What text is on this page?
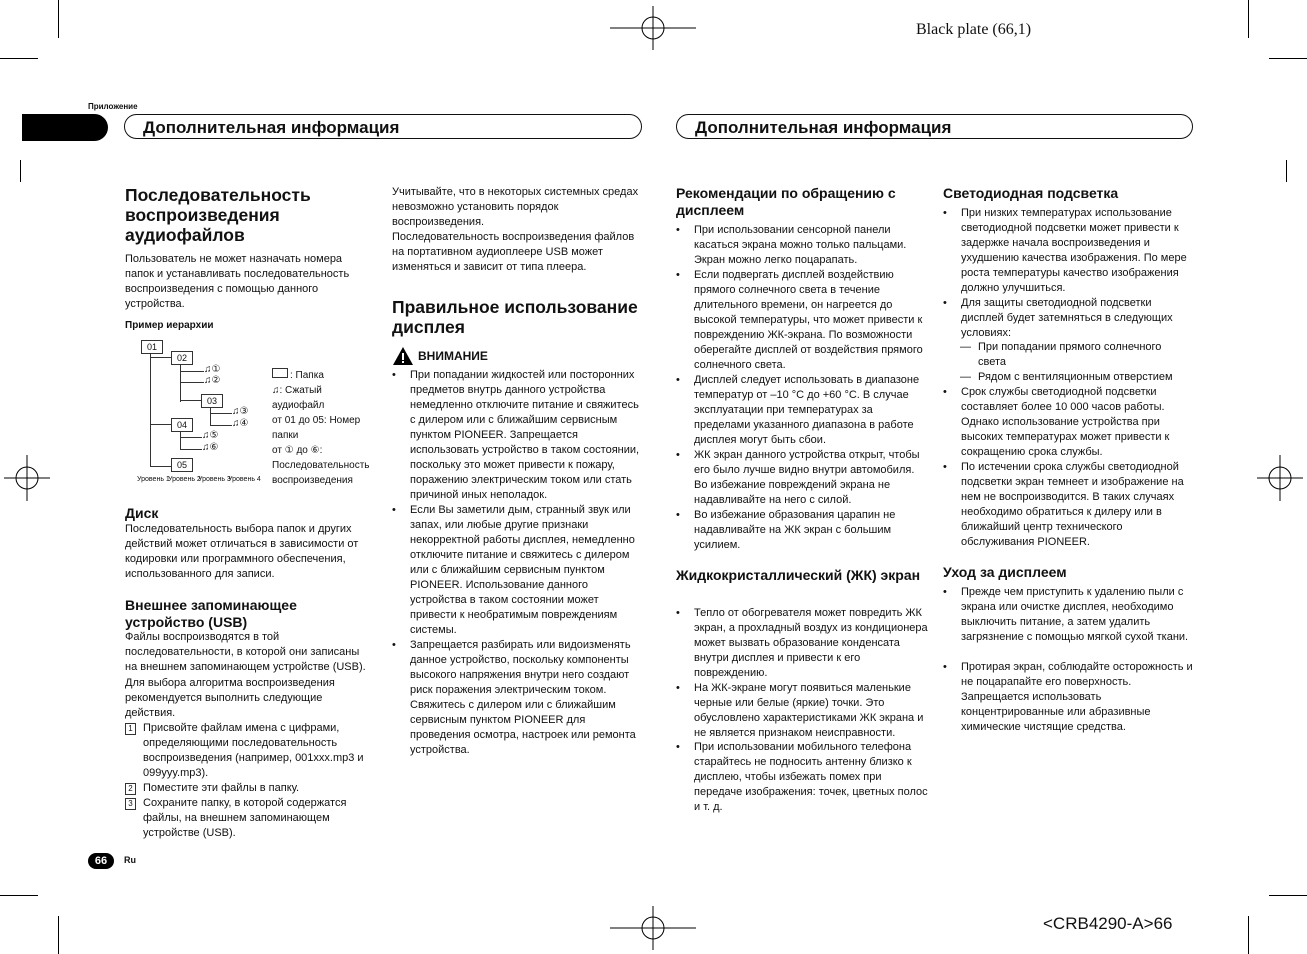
Black plate (66,1)
<CRB4290-A>66
Приложение
Дополнительная информация	Дополнительная информация
Последовательность воспроизведения аудиофайлов

Пользователь не может назначать номера папок и устанавливать последовательность воспроизведения с помощью данного устройства.

Пример иерархии
01
02
03
04
05
♫①
♫②
♫③
♫④
♫⑤
♫⑥
Уровень 1
Уровень 2
Уровень 3
Уровень 4
: Папка
♫: Сжатый аудиофайл
от 01 до 05: Номер папки
от ① до ⑥: Последовательность воспроизведения
Диск

Последовательность выбора папок и других действий может отличаться в зависимости от кодировки или программного обеспечения, использованного для записи.

Внешнее запоминающее устройство (USB)

Файлы воспроизводятся в той последовательности, в которой они записаны на внешнем запоминающем устройстве (USB).

Для выбора алгоритма воспроизведения рекомендуется выполнить следующие действия.

1 Присвойте файлам имена с цифрами, определяющими последовательность воспроизведения (например, 001xxx.mp3 и 099yyy.mp3).
2 Поместите эти файлы в папку.
3 Сохраните папку, в которой содержатся файлы, на внешнем запоминающем устройстве (USB).

Учитывайте, что в некоторых системных средах невозможно установить порядок воспроизведения.

Последовательность воспроизведения файлов на портативном аудиоплеере USB может изменяться и зависит от типа плеера.

Правильное использование дисплея
ВНИМАНИЕ
•	При попадании жидкостей или посторонних предметов внутрь данного устройства немедленно отключите питание и свяжитесь с дилером или с ближайшим сервисным пунктом PIONEER. Запрещается использовать устройство в таком состоянии, поскольку это может привести к пожару, поражению электрическим током или стать причиной иных неполадок.
•	Если Вы заметили дым, странный звук или запах, или любые другие признаки некорректной работы дисплея, немедленно отключите питание и свяжитесь с дилером или с ближайшим сервисным пунктом PIONEER. Использование данного устройства в таком состоянии может привести к необратимым повреждениям системы.
•	Запрещается разбирать или видоизменять данное устройство, поскольку компоненты высокого напряжения внутри него создают риск поражения электрическим током. Свяжитесь с дилером или с ближайшим сервисным пунктом PIONEER для проведения осмотра, настроек или ремонта устройства.
Рекомендации по обращению с дисплеем
•	При использовании сенсорной панели касаться экрана можно только пальцами. Экран можно легко поцарапать.
•	Если подвергать дисплей воздействию прямого солнечного света в течение длительного времени, он нагреется до высокой температуры, что может привести к повреждению ЖК-экрана. По возможности оберегайте дисплей от воздействия прямого солнечного света.
•	Дисплей следует использовать в диапазоне температур от –10 °C до +60 °C. В случае эксплуатации при температурах за пределами указанного диапазона в работе дисплея могут быть сбои.
•	ЖК экран данного устройства открыт, чтобы его было лучше видно внутри автомобиля. Во избежание повреждений экрана не надавливайте на него с силой.
•	Во избежание образования царапин не надавливайте на ЖК экран с большим усилием.
Жидкокристаллический (ЖК) экран
•	Тепло от обогревателя может повредить ЖК экран, а прохладный воздух из кондиционера может вызвать образование конденсата внутри дисплея и привести к его повреждению.
•	На ЖК-экране могут появиться маленькие черные или белые (яркие) точки. Это обусловлено характеристиками ЖК экрана и не является признаком неисправности.
•	При использовании мобильного телефона старайтесь не подносить антенну близко к дисплею, чтобы избежать помех при передаче изображения: точек, цветных полос и т. д.
Светодиодная подсветка
•	При низких температурах использование светодиодной подсветки может привести к задержке начала воспроизведения и ухудшению качества изображения. По мере роста температуры качество изображения должно улучшиться.
•	Для защиты светодиодной подсветки дисплей будет затемняться в следующих условиях:
— При попадании прямого солнечного света
— Рядом с вентиляционным отверстием
•	Срок службы светодиодной подсветки составляет более 10 000 часов работы. Однако использование устройства при высоких температурах может привести к сокращению срока службы.
•	По истечении срока службы светодиодной подсветки экран темнеет и изображение на нем не воспроизводится. В таких случаях необходимо обратиться к дилеру или в ближайший центр технического обслуживания PIONEER.
Уход за дисплеем
•	Прежде чем приступить к удалению пыли с экрана или очистке дисплея, необходимо выключить питание, а затем удалить загрязнение с помощью мягкой сухой ткани.
•	Протирая экран, соблюдайте осторожность и не поцарапайте его поверхность. Запрещается использовать концентрированные или абразивные химические чистящие средства.
66	Ru
